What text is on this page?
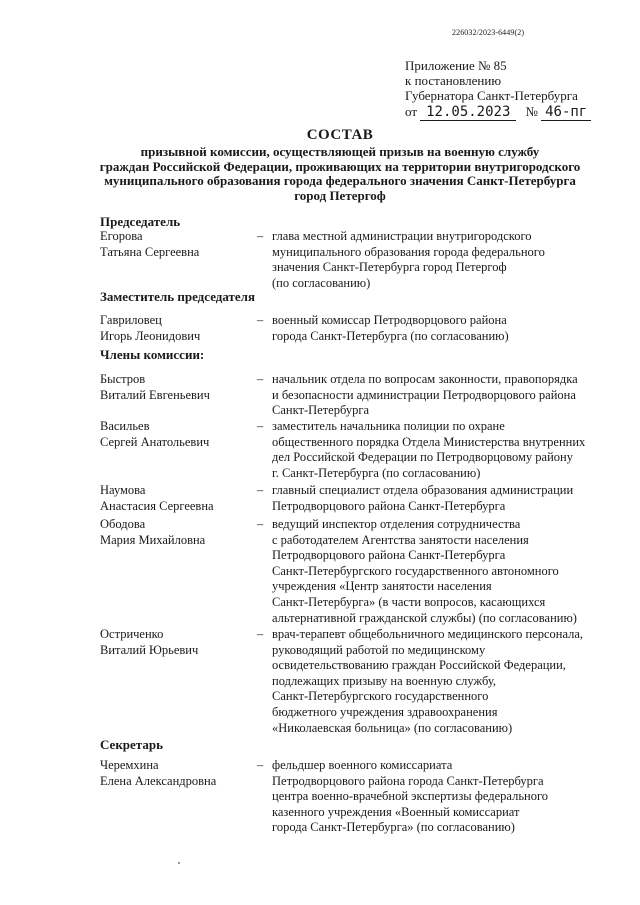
226032/2023-6449(2)
Приложение № 85
к постановлению
Губернатора Санкт-Петербурга
от 12.05.2023 № 46-пг
СОСТАВ
призывной комиссии, осуществляющей призыв на военную службу
граждан Российской Федерации, проживающих на территории внутригородского
муниципального образования города федерального значения Санкт-Петербурга
город Петергоф
Председатель
Егорова
Татьяна Сергеевна
– глава местной администрации внутригородского
муниципального образования города федерального
значения Санкт-Петербурга город Петергоф
(по согласованию)
Заместитель председателя
Гавриловец
Игорь Леонидович
– военный комиссар Петродворцового района
города Санкт-Петербурга (по согласованию)
Члены комиссии:
Быстров
Виталий Евгеньевич
– начальник отдела по вопросам законности, правопорядка
и безопасности администрации Петродворцового района
Санкт-Петербурга
Васильев
Сергей Анатольевич
– заместитель начальника полиции по охране
общественного порядка Отдела Министерства внутренних
дел Российской Федерации по Петродворцовому району
г. Санкт-Петербурга (по согласованию)
Наумова
Анастасия Сергеевна
– главный специалист отдела образования администрации
Петродворцового района Санкт-Петербурга
Ободова
Мария Михайловна
– ведущий инспектор отделения сотрудничества
с работодателем Агентства занятости населения
Петродворцового района Санкт-Петербурга
Санкт-Петербургского государственного автономного
учреждения «Центр занятости населения
Санкт-Петербурга» (в части вопросов, касающихся
альтернативной гражданской службы) (по согласованию)
Остриченко
Виталий Юрьевич
– врач-терапевт общебольничного медицинского персонала,
руководящий работой по медицинскому
освидетельствованию граждан Российской Федерации,
подлежащих призыву на военную службу,
Санкт-Петербургского государственного
бюджетного учреждения здравоохранения
«Николаевская больница» (по согласованию)
Секретарь
Черемхина
Елена Александровна
– фельдшер военного комиссариата
Петродворцового района города Санкт-Петербурга
центра военно-врачебной экспертизы федерального
казенного учреждения «Военный комиссариат
города Санкт-Петербурга» (по согласованию)
